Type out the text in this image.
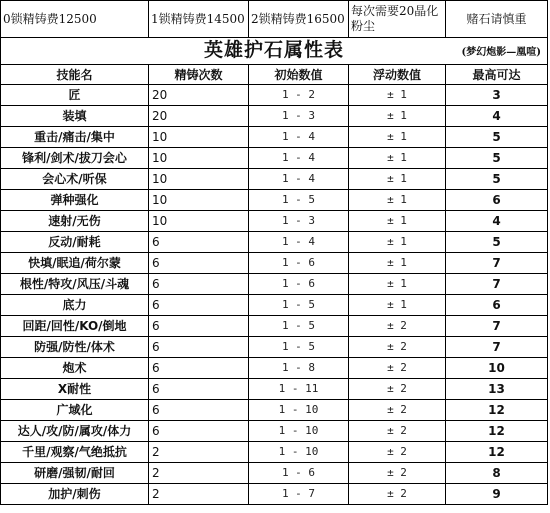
0锁精铸费12500	1锁精铸费14500	2锁精铸费16500	每次需要20晶化粉尘	赌石请慎重
英雄护石属性表 (梦幻炮影—凰喧)				

技能名	精铸次数	初始数值	浮动数值	最高可达
匠	20	1 - 2	± 1	3
装填	20	1 - 3	± 1	4
重击/痛击/集中	10	1 - 4	± 1	5
锋利/剑术/拔刀会心	10	1 - 4	± 1	5
会心术/听保	10	1 - 4	± 1	5
弹种强化	10	1 - 5	± 1	6
速射/无伤	10	1 - 3	± 1	4
反动/耐耗	6	1 - 4	± 1	5
快填/眠追/荷尔蒙	6	1 - 6	± 1	7
根性/特攻/风压/斗魂	6	1 - 6	± 1	7
底力	6	1 - 5	± 1	6
回距/回性/KO/倒地	6	1 - 5	± 2	7
防强/防性/体术	6	1 - 5	± 2	7
炮术	6	1 - 8	± 2	10
X耐性	6	1 - 11	± 2	13
广域化	6	1 - 10	± 2	12
达人/攻/防/属攻/体力	6	1 - 10	± 2	12
千里/观察/气绝抵抗	2	1 - 10	± 2	12
研磨/强韧/耐回	2	1 - 6	± 2	8
加护/刺伤	2	1 - 7	± 2	9
